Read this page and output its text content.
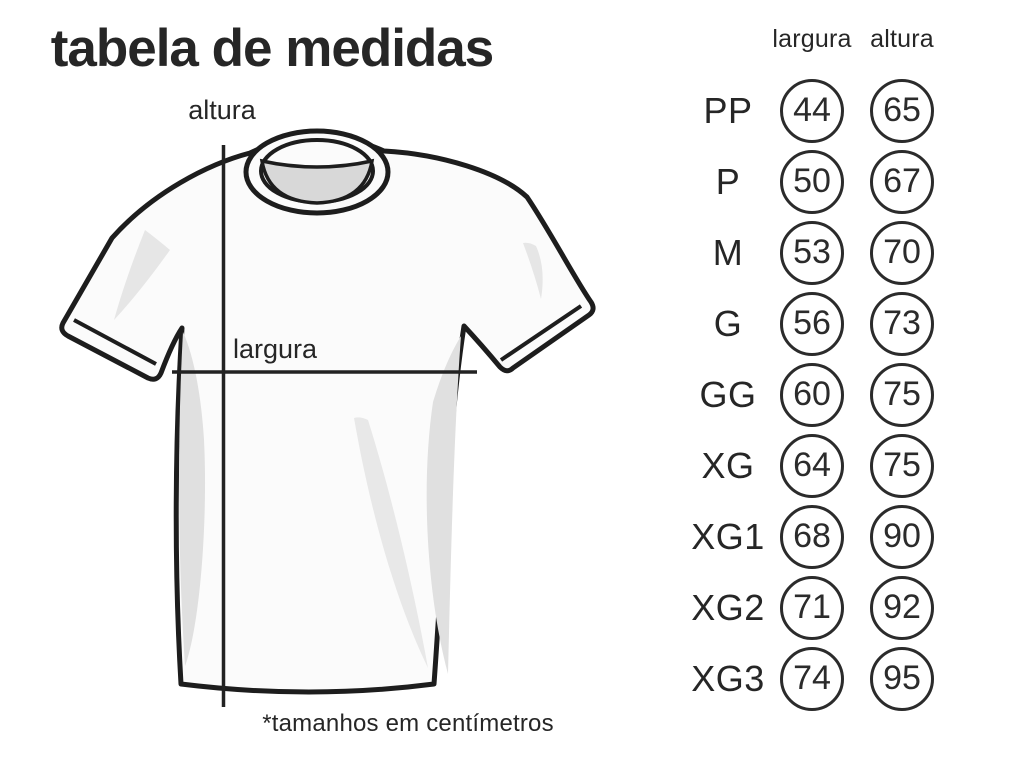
tabela de medidas
altura
largura
*tamanhos em centímetros
largura altura
PP	44	65
P	50	67
M	53	70
G	56	73
GG	60	75
XG	64	75
XG1 68	90
XG2 71	92
XG3 74	95
